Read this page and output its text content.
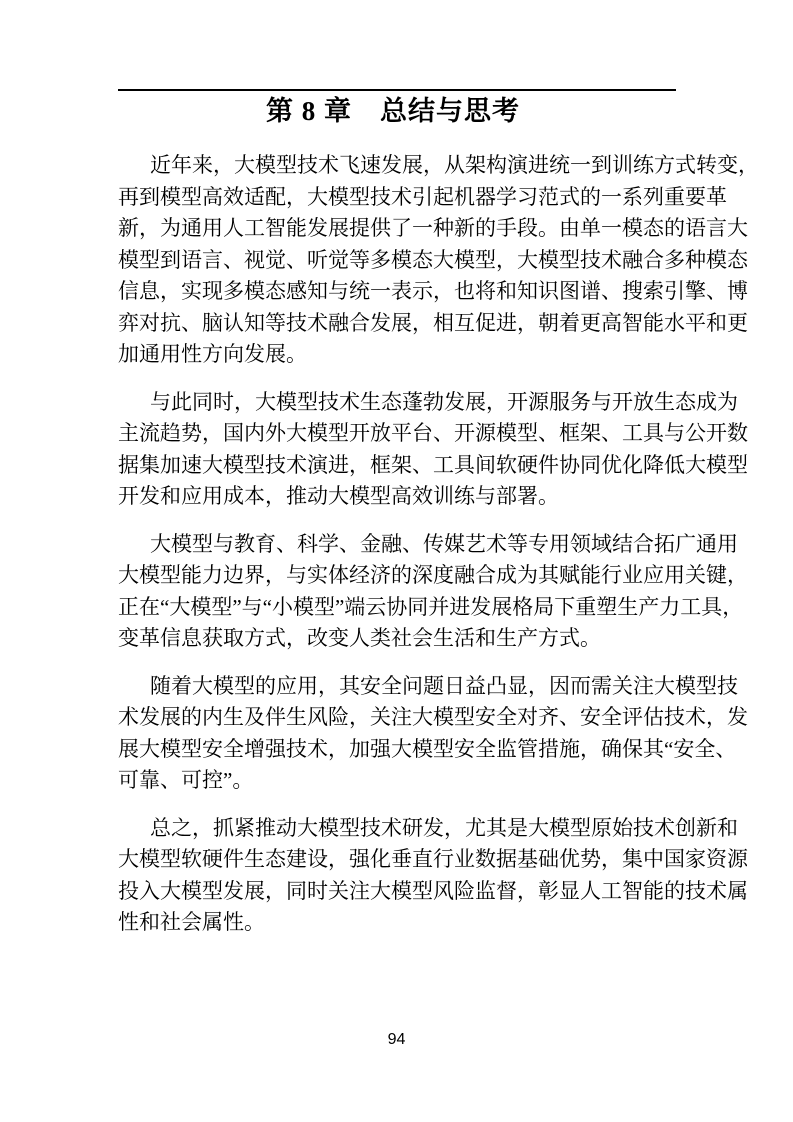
第 8 章　总结与思考
近年来，大模型技术飞速发展，从架构演进统一到训练方式转变，
再到模型高效适配，大模型技术引起机器学习范式的一系列重要革
新，为通用人工智能发展提供了一种新的手段。由单一模态的语言大
模型到语言、视觉、听觉等多模态大模型，大模型技术融合多种模态
信息，实现多模态感知与统一表示，也将和知识图谱、搜索引擎、博
弈对抗、脑认知等技术融合发展，相互促进，朝着更高智能水平和更
加通用性方向发展。
与此同时，大模型技术生态蓬勃发展，开源服务与开放生态成为
主流趋势，国内外大模型开放平台、开源模型、框架、工具与公开数
据集加速大模型技术演进，框架、工具间软硬件协同优化降低大模型
开发和应用成本，推动大模型高效训练与部署。
大模型与教育、科学、金融、传媒艺术等专用领域结合拓广通用
大模型能力边界，与实体经济的深度融合成为其赋能行业应用关键，
正在“大模型”与“小模型”端云协同并进发展格局下重塑生产力工具，
变革信息获取方式，改变人类社会生活和生产方式。
随着大模型的应用，其安全问题日益凸显，因而需关注大模型技
术发展的内生及伴生风险，关注大模型安全对齐、安全评估技术，发
展大模型安全增强技术，加强大模型安全监管措施，确保其“安全、
可靠、可控”。
总之，抓紧推动大模型技术研发，尤其是大模型原始技术创新和
大模型软硬件生态建设，强化垂直行业数据基础优势，集中国家资源
投入大模型发展，同时关注大模型风险监督，彰显人工智能的技术属
性和社会属性。
94
